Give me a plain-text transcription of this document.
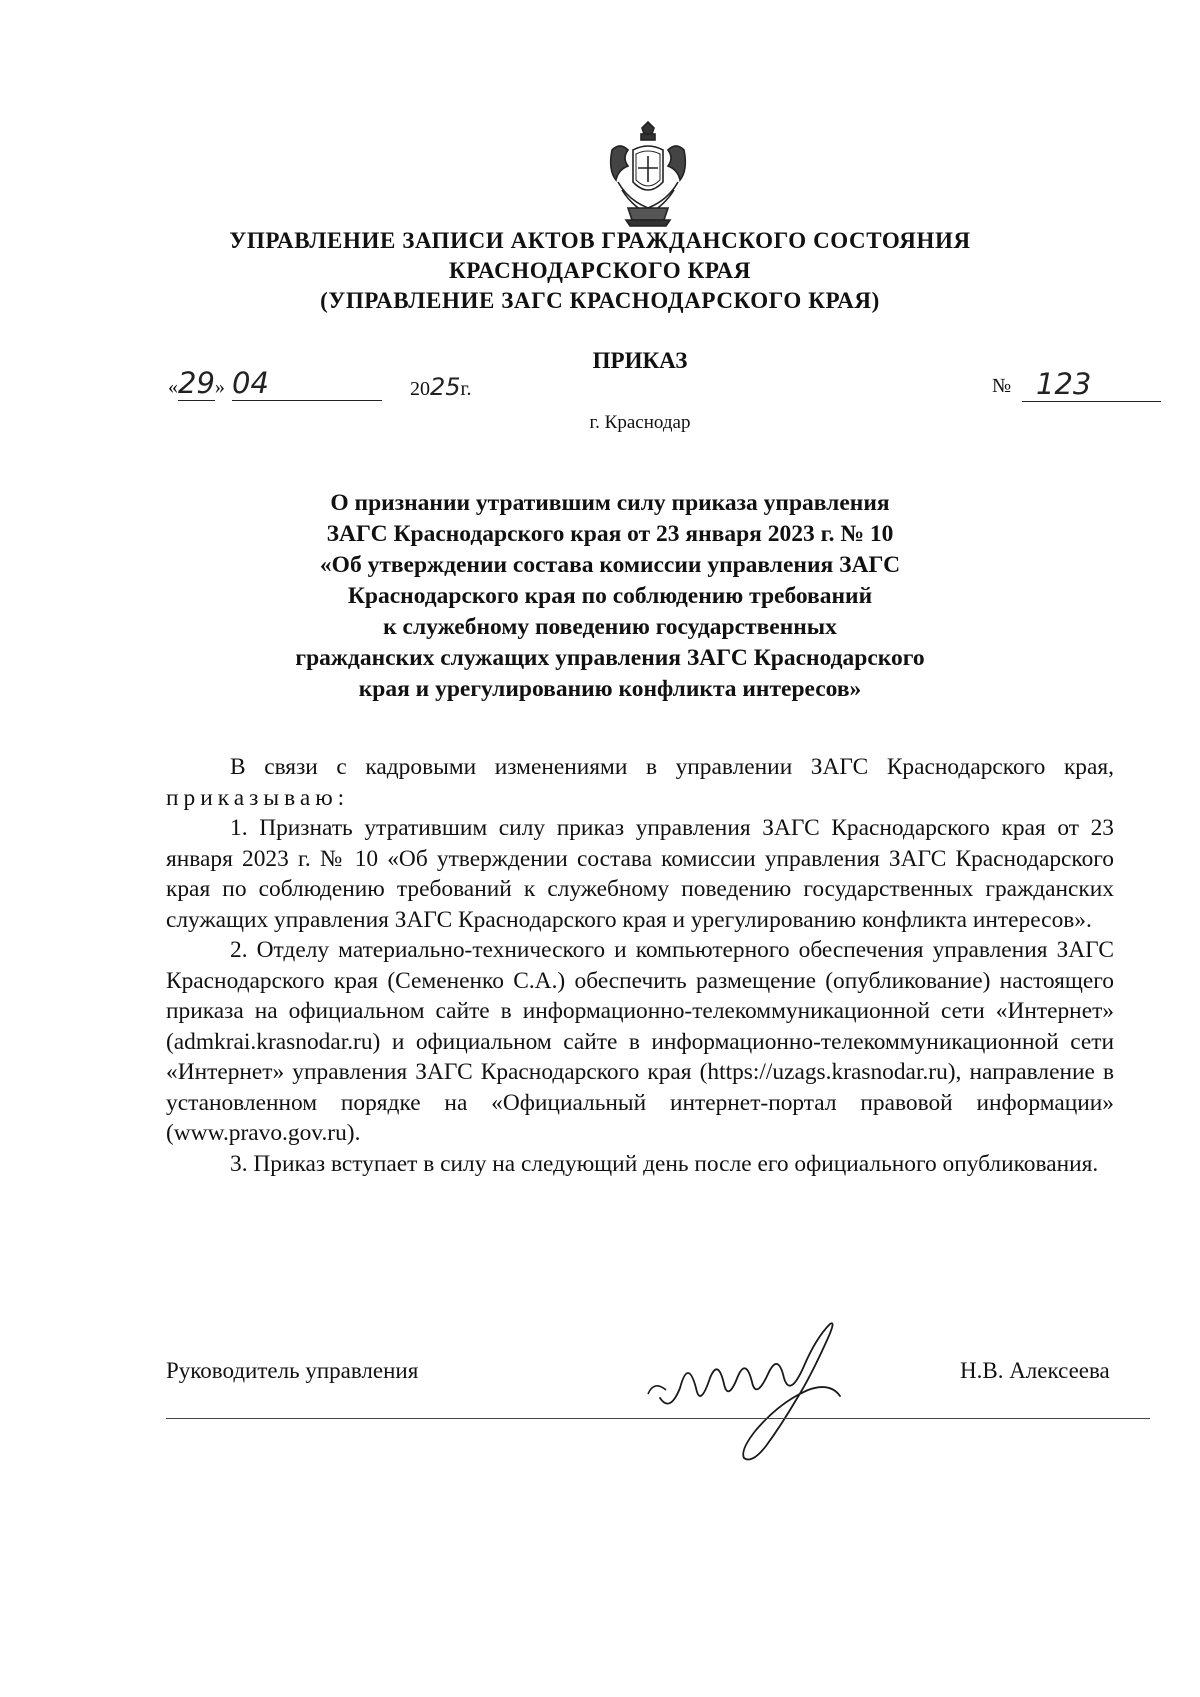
УПРАВЛЕНИЕ ЗАПИСИ АКТОВ ГРАЖДАНСКОГО СОСТОЯНИЯ
КРАСНОДАРСКОГО КРАЯ
(УПРАВЛЕНИЕ ЗАГС КРАСНОДАРСКОГО КРАЯ)
ПРИКАЗ
«29» 04	2025г.	№ 123
г. Краснодар
О признании утратившим силу приказа управления
ЗАГС Краснодарского края от 23 января 2023 г. № 10
«Об утверждении состава комиссии управления ЗАГС
Краснодарского края по соблюдению требований
к служебному поведению государственных
гражданских служащих управления ЗАГС Краснодарского
края и урегулированию конфликта интересов»

В связи с кадровыми изменениями в управлении ЗАГС Краснодарского края, приказываю:

1. Признать утратившим силу приказ управления ЗАГС Краснодарского края от 23 января 2023 г. № 10 «Об утверждении состава комиссии управления ЗАГС Краснодарского края по соблюдению требований к служебному поведению государственных гражданских служащих управления ЗАГС Краснодарского края и урегулированию конфликта интересов».

2. Отделу материально-технического и компьютерного обеспечения управления ЗАГС Краснодарского края (Семененко С.А.) обеспечить размещение (опубликование) настоящего приказа на официальном сайте в информационно-телекоммуникационной сети «Интернет» (admkrai.krasnodar.ru) и официальном сайте в информационно-телекоммуникационной сети «Интернет» управления ЗАГС Краснодарского края (https://uzags.krasnodar.ru), направление в установленном порядке на «Официальный интернет-портал правовой информации» (www.pravo.gov.ru).

3. Приказ вступает в силу на следующий день после его официального опубликования.

Руководитель управления	Н.В. Алексеева
